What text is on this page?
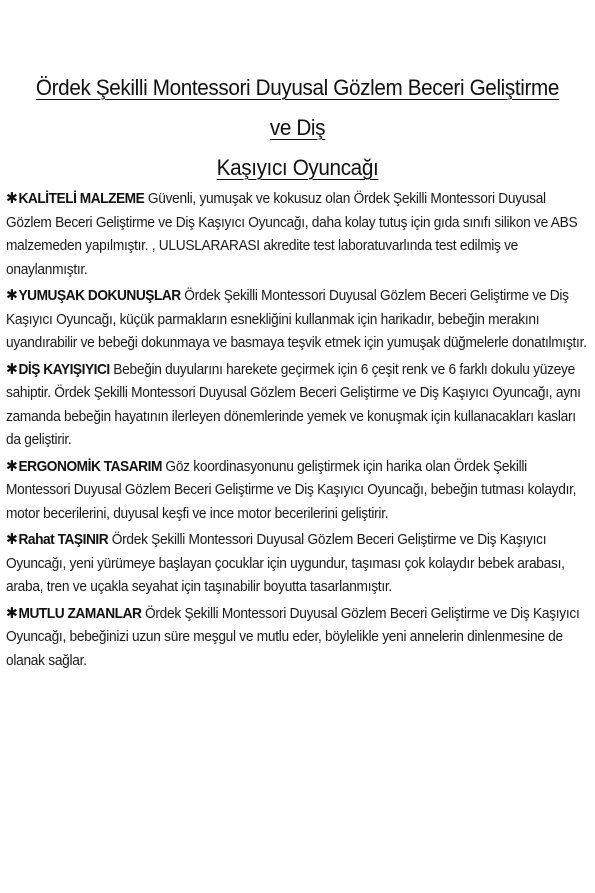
Ördek Şekilli Montessori Duyusal Gözlem Beceri Geliştirme ve Diş
Kaşıyıcı Oyuncağı

✱KALİTELİ MALZEME Güvenli, yumuşak ve kokusuz olan Ördek Şekilli Montessori Duyusal Gözlem Beceri Geliştirme ve Diş Kaşıyıcı Oyuncağı, daha kolay tutuş için gıda sınıfı silikon ve ABS malzemeden yapılmıştır. , ULUSLARARASI akredite test laboratuvarlında test edilmiş ve onaylanmıştır.

✱YUMUŞAK DOKUNUŞLAR Ördek Şekilli Montessori Duyusal Gözlem Beceri Geliştirme ve Diş Kaşıyıcı Oyuncağı, küçük parmakların esnekliğini kullanmak için harikadır, bebeğin merakını uyandırabilir ve bebeği dokunmaya ve basmaya teşvik etmek için yumuşak düğmelerle donatılmıştır.

✱DİŞ KAYIŞIYICI Bebeğin duyularını harekete geçirmek için 6 çeşit renk ve 6 farklı dokulu yüzeye sahiptir. Ördek Şekilli Montessori Duyusal Gözlem Beceri Geliştirme ve Diş Kaşıyıcı Oyuncağı, aynı zamanda bebeğin hayatının ilerleyen dönemlerinde yemek ve konuşmak için kullanacakları kasları da geliştirir.

✱ERGONOMİK TASARIM Göz koordinasyonunu geliştirmek için harika olan Ördek Şekilli Montessori Duyusal Gözlem Beceri Geliştirme ve Diş Kaşıyıcı Oyuncağı, bebeğin tutması kolaydır, motor becerilerini, duyusal keşfi ve ince motor becerilerini geliştirir.

✱Rahat TAŞINIR Ördek Şekilli Montessori Duyusal Gözlem Beceri Geliştirme ve Diş Kaşıyıcı Oyuncağı, yeni yürümeye başlayan çocuklar için uygundur, taşıması çok kolaydır bebek arabası, araba, tren ve uçakla seyahat için taşınabilir boyutta tasarlanmıştır.

✱MUTLU ZAMANLAR Ördek Şekilli Montessori Duyusal Gözlem Beceri Geliştirme ve Diş Kaşıyıcı Oyuncağı, bebeğinizi uzun süre meşgul ve mutlu eder, böylelikle yeni annelerin dinlenmesine de olanak sağlar.
